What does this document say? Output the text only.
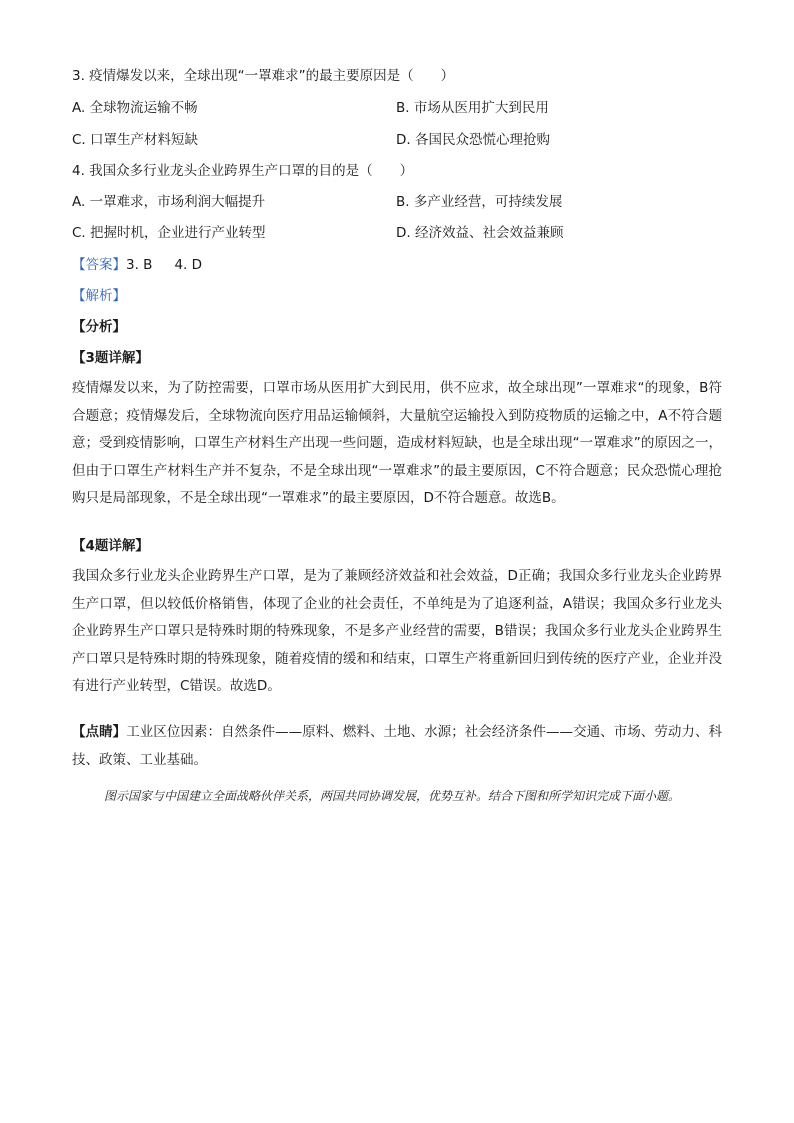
3. 疫情爆发以来，全球出现“一罩难求”的最主要原因是（　　）
A. 全球物流运输不畅	B. 市场从医用扩大到民用
C. 口罩生产材料短缺	D. 各国民众恐慌心理抢购
4. 我国众多行业龙头企业跨界生产口罩的目的是（　　）
A. 一罩难求，市场利润大幅提升	B. 多产业经营，可持续发展
C. 把握时机，企业进行产业转型	D. 经济效益、社会效益兼顾
【答案】3. B 4. D
【解析】
【分析】
【3题详解】
疫情爆发以来，为了防控需要，口罩市场从医用扩大到民用，供不应求，故全球出现”一罩难求“的现象，B符合题意；疫情爆发后，全球物流向医疗用品运输倾斜，大量航空运输投入到防疫物质的运输之中，A不符合题意；受到疫情影响，口罩生产材料生产出现一些问题，造成材料短缺，也是全球出现“一罩难求”的原因之一，但由于口罩生产材料生产并不复杂，不是全球出现“一罩难求”的最主要原因，C不符合题意；民众恐慌心理抢购只是局部现象，不是全球出现“一罩难求”的最主要原因，D不符合题意。故选B。
【4题详解】
我国众多行业龙头企业跨界生产口罩，是为了兼顾经济效益和社会效益，D正确；我国众多行业龙头企业跨界生产口罩，但以较低价格销售，体现了企业的社会责任，不单纯是为了追逐利益，A错误；我国众多行业龙头企业跨界生产口罩只是特殊时期的特殊现象，不是多产业经营的需要，B错误；我国众多行业龙头企业跨界生产口罩只是特殊时期的特殊现象，随着疫情的缓和和结束，口罩生产将重新回归到传统的医疗产业，企业并没有进行产业转型，C错误。故选D。
【点睛】工业区位因素：自然条件——原料、燃料、土地、水源；社会经济条件——交通、市场、劳动力、科技、政策、工业基础。
图示国家与中国建立全面战略伙伴关系，两国共同协调发展，优势互补。结合下图和所学知识完成下面小题。
